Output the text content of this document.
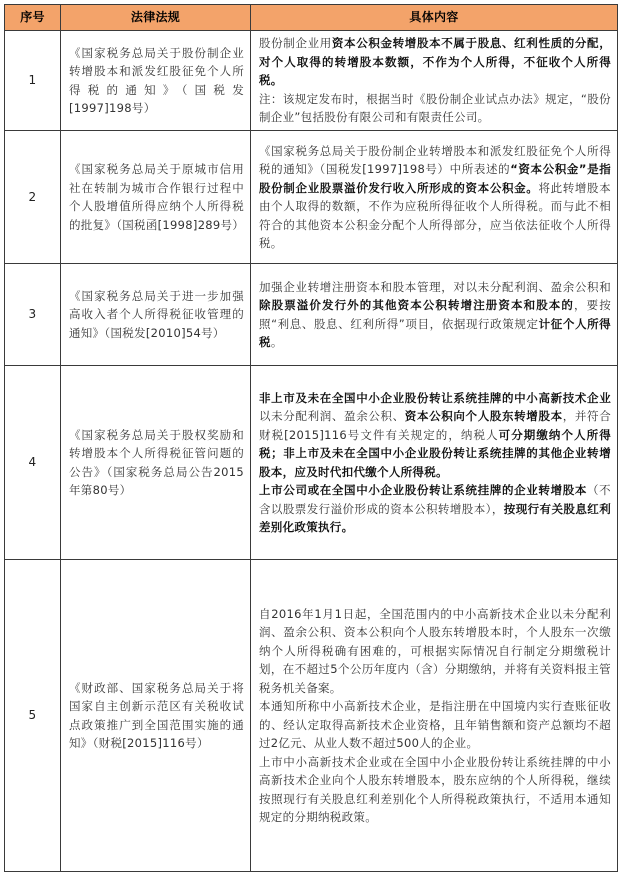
序号	法律法规	具体内容
1	《国家税务总局关于股份制企业转增股本和派发红股征免个人所得税的通知》（国税发[1997]198号）	股份制企业用资本公积金转增股本不属于股息、红利性质的分配，对个人取得的转增股本数额，不作为个人所得，不征收个人所得税。
注：该规定发布时，根据当时《股份制企业试点办法》规定，“股份制企业”包括股份有限公司和有限责任公司。
2	《国家税务总局关于原城市信用社在转制为城市合作银行过程中个人股增值所得应纳个人所得税的批复》（国税函[1998]289号）	《国家税务总局关于股份制企业转增股本和派发红股征免个人所得税的通知》（国税发[1997]198号）中所表述的“资本公积金”是指股份制企业股票溢价发行收入所形成的资本公积金。将此转增股本由个人取得的数额，不作为应税所得征收个人所得税。而与此不相符合的其他资本公积金分配个人所得部分，应当依法征收个人所得税。
3	《国家税务总局关于进一步加强高收入者个人所得税征收管理的通知》（国税发[2010]54号）	加强企业转增注册资本和股本管理，对以未分配利润、盈余公积和除股票溢价发行外的其他资本公积转增注册资本和股本的，要按照“利息、股息、红利所得”项目，依据现行政策规定计征个人所得税。
4	《国家税务总局关于股权奖励和转增股本个人所得税征管问题的公告》（国家税务总局公告2015年第80号）	非上市及未在全国中小企业股份转让系统挂牌的中小高新技术企业以未分配利润、盈余公积、资本公积向个人股东转增股本，并符合财税[2015]116号文件有关规定的，纳税人可分期缴纳个人所得税；非上市及未在全国中小企业股份转让系统挂牌的其他企业转增股本，应及时代扣代缴个人所得税。
上市公司或在全国中小企业股份转让系统挂牌的企业转增股本（不含以股票发行溢价形成的资本公积转增股本），按现行有关股息红利差别化政策执行。
5	《财政部、国家税务总局关于将国家自主创新示范区有关税收试点政策推广到全国范围实施的通知》（财税[2015]116号）	自2016年1月1日起，全国范围内的中小高新技术企业以未分配利润、盈余公积、资本公积向个人股东转增股本时，个人股东一次缴纳个人所得税确有困难的，可根据实际情况自行制定分期缴税计划，在不超过5个公历年度内（含）分期缴纳，并将有关资料报主管税务机关备案。
本通知所称中小高新技术企业，是指注册在中国境内实行查账征收的、经认定取得高新技术企业资格，且年销售额和资产总额均不超过2亿元、从业人数不超过500人的企业。
上市中小高新技术企业或在全国中小企业股份转让系统挂牌的中小高新技术企业向个人股东转增股本，股东应纳的个人所得税，继续按照现行有关股息红利差别化个人所得税政策执行，不适用本通知规定的分期纳税政策。
